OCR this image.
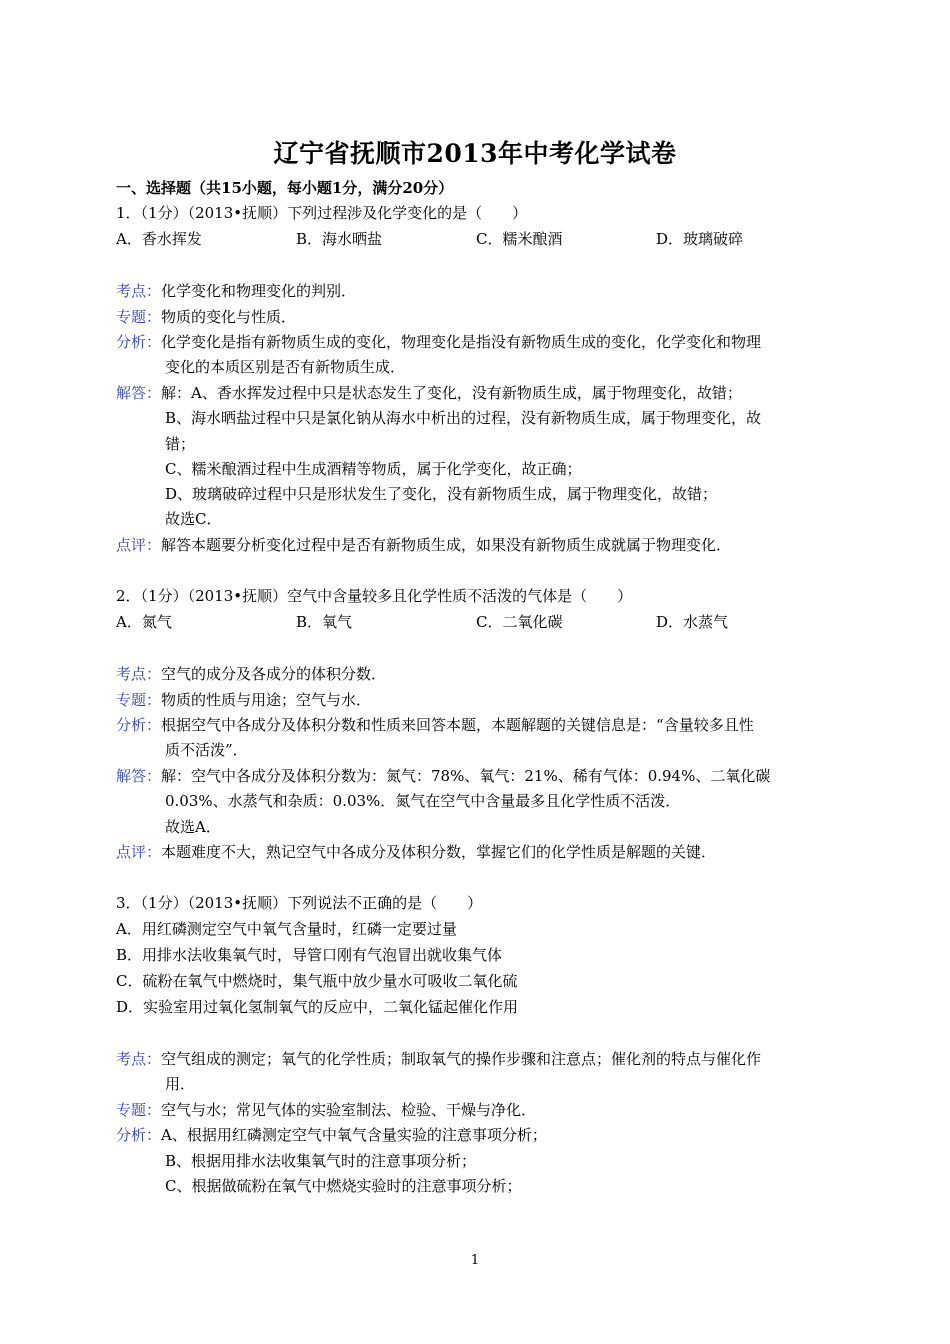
辽宁省抚顺市2013年中考化学试卷
一、选择题（共15小题，每小题1分，满分20分）
1．（1分）（2013•抚顺）下列过程涉及化学变化的是（　　）
A．香水挥发	B．海水晒盐	C．糯米酿酒	D．玻璃破碎
考点：化学变化和物理变化的判别．
专题：物质的变化与性质．
分析：化学变化是指有新物质生成的变化，物理变化是指没有新物质生成的变化，化学变化和物理
变化的本质区别是否有新物质生成．
解答：解：A、香水挥发过程中只是状态发生了变化，没有新物质生成，属于物理变化，故错；
B、海水晒盐过程中只是氯化钠从海水中析出的过程，没有新物质生成，属于物理变化，故
错；
C、糯米酿酒过程中生成酒精等物质，属于化学变化，故正确；
D、玻璃破碎过程中只是形状发生了变化，没有新物质生成，属于物理变化，故错；
故选C．
点评：解答本题要分析变化过程中是否有新物质生成，如果没有新物质生成就属于物理变化．
2．（1分）（2013•抚顺）空气中含量较多且化学性质不活泼的气体是（　　）
A．氮气	B．氧气	C．二氧化碳	D．水蒸气
考点：空气的成分及各成分的体积分数．
专题：物质的性质与用途；空气与水．
分析：根据空气中各成分及体积分数和性质来回答本题，本题解题的关键信息是：“含量较多且性
质不活泼”．
解答：解：空气中各成分及体积分数为：氮气：78%、氧气：21%、稀有气体：0.94%、二氧化碳
0.03%、水蒸气和杂质：0.03%．氮气在空气中含量最多且化学性质不活泼．
故选A．
点评：本题难度不大，熟记空气中各成分及体积分数，掌握它们的化学性质是解题的关键．
3．（1分）（2013•抚顺）下列说法不正确的是（　　）
A．用红磷测定空气中氧气含量时，红磷一定要过量
B．用排水法收集氧气时，导管口刚有气泡冒出就收集气体
C．硫粉在氧气中燃烧时，集气瓶中放少量水可吸收二氧化硫
D．实验室用过氧化氢制氧气的反应中，二氧化锰起催化作用
考点：空气组成的测定；氧气的化学性质；制取氧气的操作步骤和注意点；催化剂的特点与催化作
用．
专题：空气与水；常见气体的实验室制法、检验、干燥与净化．
分析：A、根据用红磷测定空气中氧气含量实验的注意事项分析；
B、根据用排水法收集氧气时的注意事项分析；
C、根据做硫粉在氧气中燃烧实验时的注意事项分析；
1
